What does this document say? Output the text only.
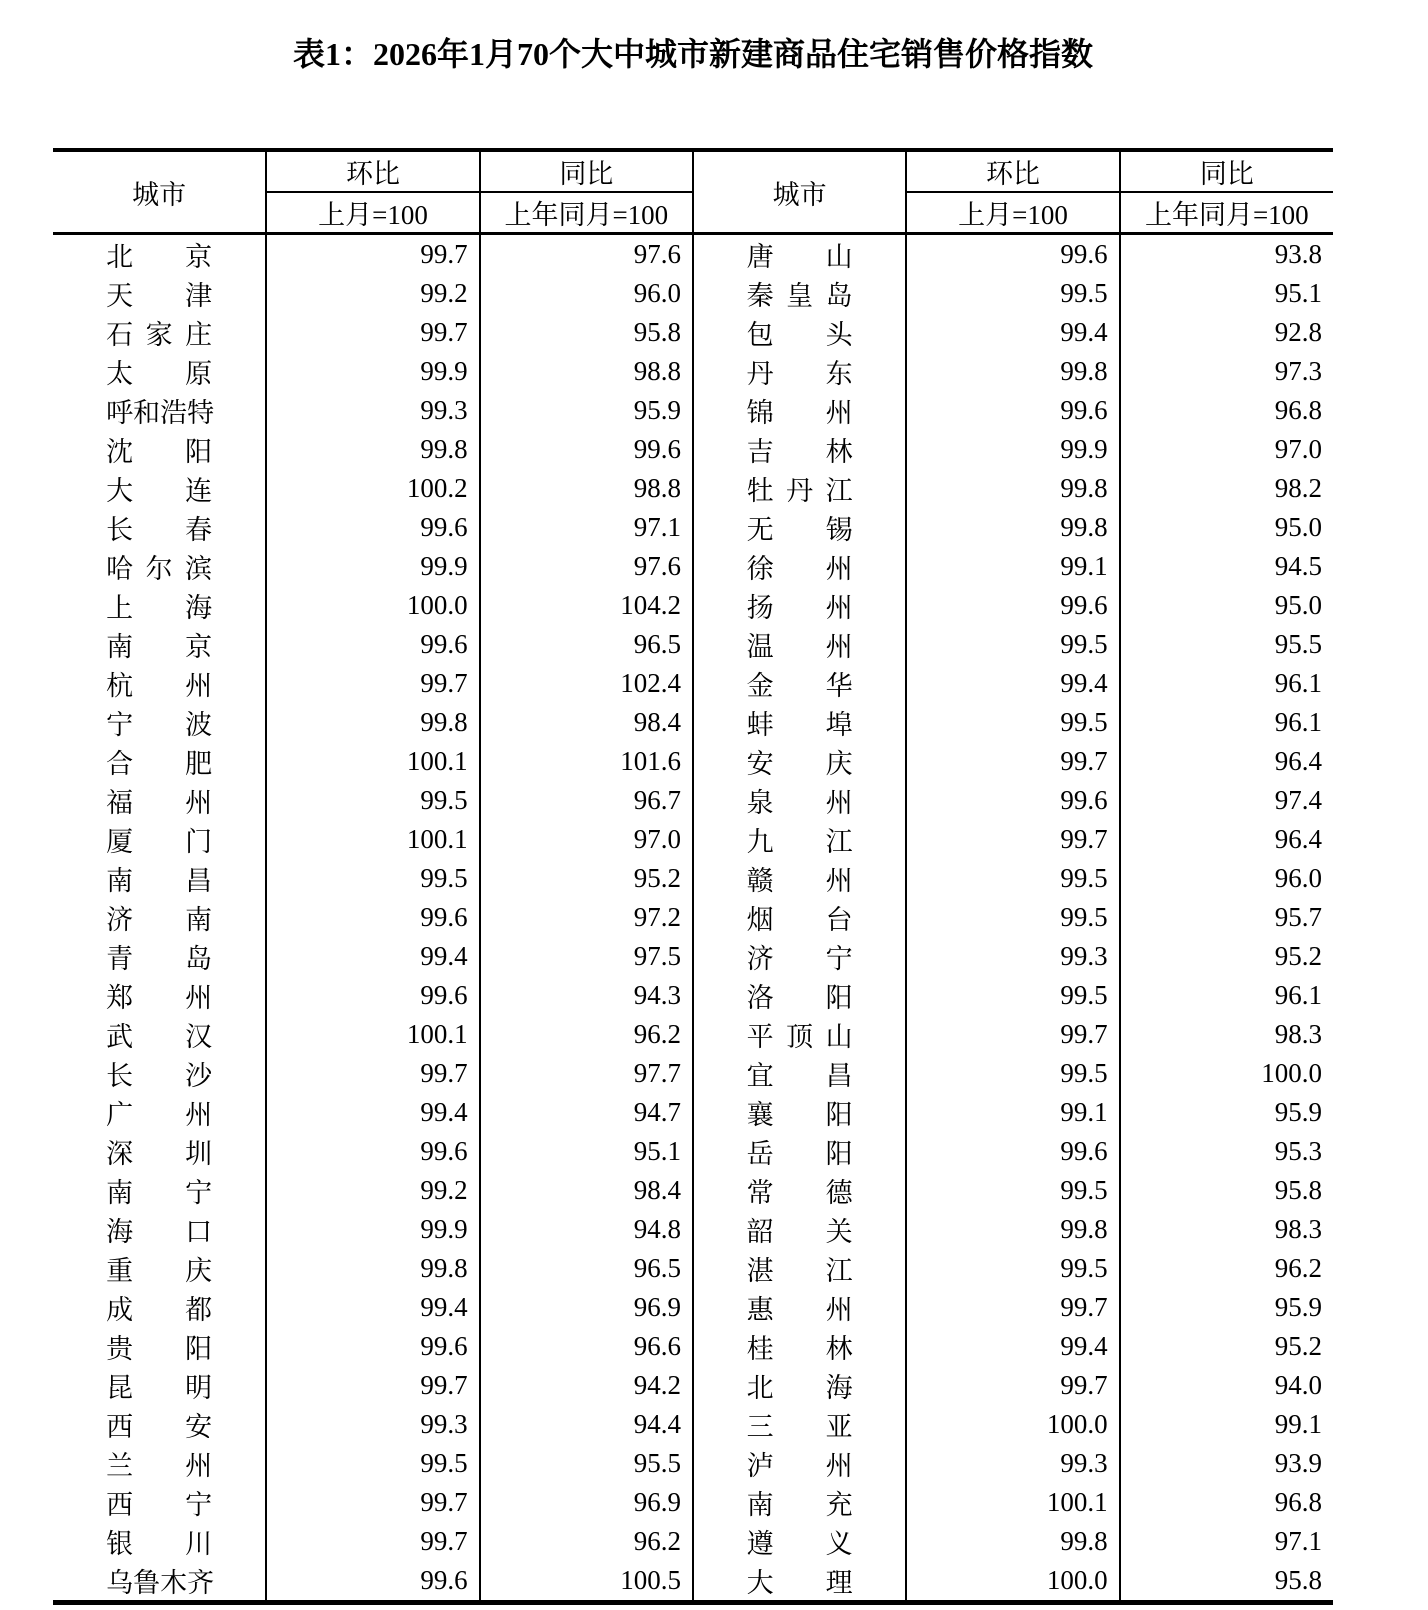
表1：2026年1月70个大中城市新建商品住宅销售价格指数
城市	环比	同比	城市	环比	同比
	上月=100	上年同月=100		上月=100	上年同月=100
北京	99.7	97.6	唐山	99.6	93.8
天津	99.2	96.0	秦皇岛	99.5	95.1
石家庄	99.7	95.8	包头	99.4	92.8
太原	99.9	98.8	丹东	99.8	97.3
呼和浩特	99.3	95.9	锦州	99.6	96.8
沈阳	99.8	99.6	吉林	99.9	97.0
大连	100.2	98.8	牡丹江	99.8	98.2
长春	99.6	97.1	无锡	99.8	95.0
哈尔滨	99.9	97.6	徐州	99.1	94.5
上海	100.0	104.2	扬州	99.6	95.0
南京	99.6	96.5	温州	99.5	95.5
杭州	99.7	102.4	金华	99.4	96.1
宁波	99.8	98.4	蚌埠	99.5	96.1
合肥	100.1	101.6	安庆	99.7	96.4
福州	99.5	96.7	泉州	99.6	97.4
厦门	100.1	97.0	九江	99.7	96.4
南昌	99.5	95.2	赣州	99.5	96.0
济南	99.6	97.2	烟台	99.5	95.7
青岛	99.4	97.5	济宁	99.3	95.2
郑州	99.6	94.3	洛阳	99.5	96.1
武汉	100.1	96.2	平顶山	99.7	98.3
长沙	99.7	97.7	宜昌	99.5	100.0
广州	99.4	94.7	襄阳	99.1	95.9
深圳	99.6	95.1	岳阳	99.6	95.3
南宁	99.2	98.4	常德	99.5	95.8
海口	99.9	94.8	韶关	99.8	98.3
重庆	99.8	96.5	湛江	99.5	96.2
成都	99.4	96.9	惠州	99.7	95.9
贵阳	99.6	96.6	桂林	99.4	95.2
昆明	99.7	94.2	北海	99.7	94.0
西安	99.3	94.4	三亚	100.0	99.1
兰州	99.5	95.5	泸州	99.3	93.9
西宁	99.7	96.9	南充	100.1	96.8
银川	99.7	96.2	遵义	99.8	97.1
乌鲁木齐	99.6	100.5	大理	100.0	95.8
